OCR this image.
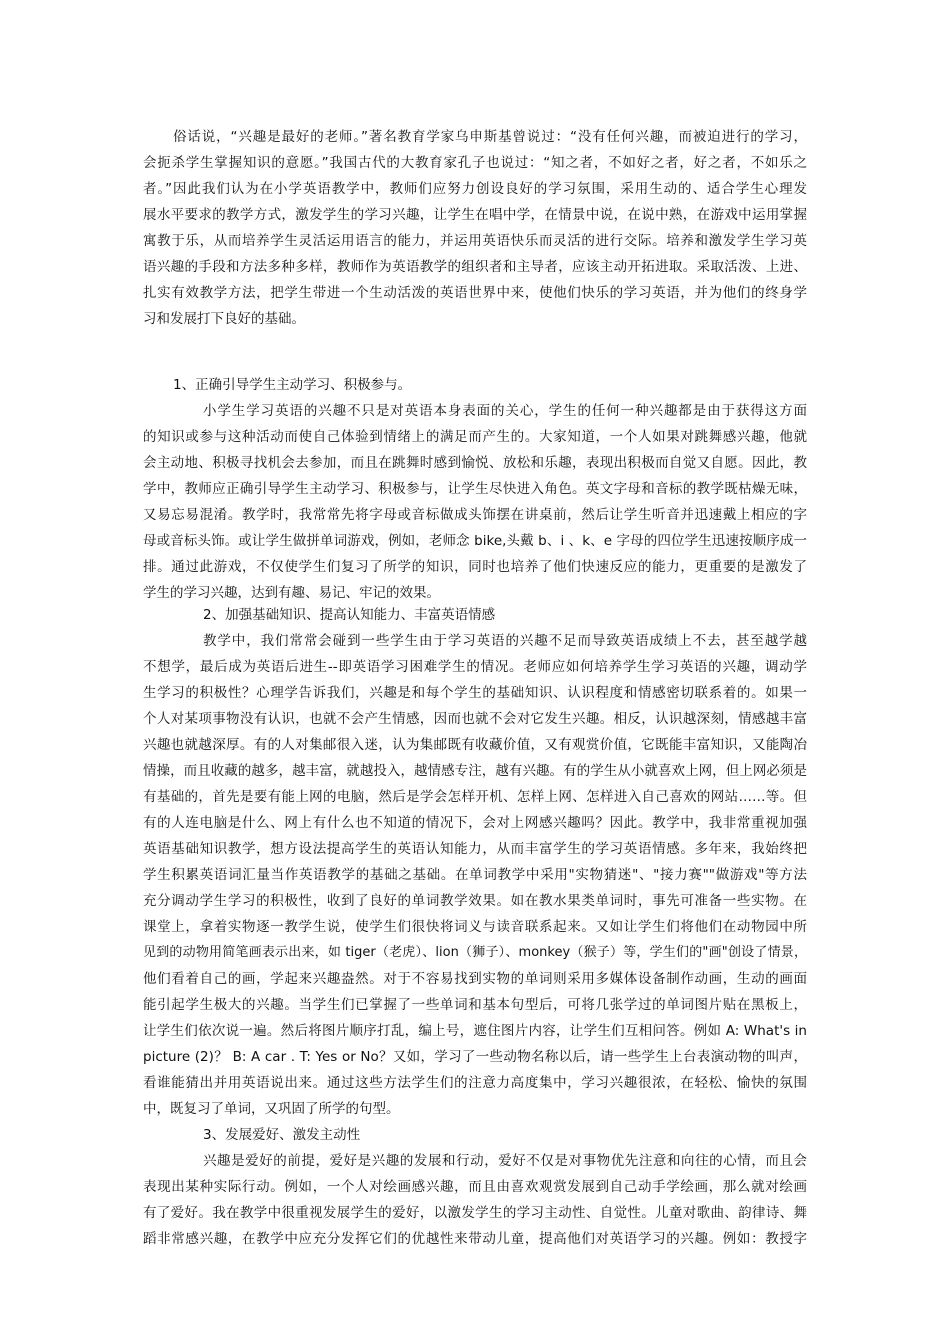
俗话说，“兴趣是最好的老师。”著名教育学家乌申斯基曾说过：“没有任何兴趣，而被迫进行的学习，
会扼杀学生掌握知识的意愿。”我国古代的大教育家孔子也说过：“知之者，不如好之者，好之者，不如乐之
者。”因此我们认为在小学英语教学中，教师们应努力创设良好的学习氛围，采用生动的、适合学生心理发
展水平要求的教学方式，激发学生的学习兴趣，让学生在唱中学，在情景中说，在说中熟，在游戏中运用掌握
寓教于乐，从而培养学生灵活运用语言的能力，并运用英语快乐而灵活的进行交际。培养和激发学生学习英
语兴趣的手段和方法多种多样，教师作为英语教学的组织者和主导者，应该主动开拓进取。采取活泼、上进、
扎实有效教学方法，把学生带进一个生动活泼的英语世界中来，使他们快乐的学习英语，并为他们的终身学
习和发展打下良好的基础。
1、正确引导学生主动学习、积极参与。
小学生学习英语的兴趣不只是对英语本身表面的关心，学生的任何一种兴趣都是由于获得这方面
的知识或参与这种活动而使自己体验到情绪上的满足而产生的。大家知道，一个人如果对跳舞感兴趣，他就
会主动地、积极寻找机会去参加，而且在跳舞时感到愉悦、放松和乐趣，表现出积极而自觉又自愿。因此，教
学中，教师应正确引导学生主动学习、积极参与，让学生尽快进入角色。英文字母和音标的教学既枯燥无味，
又易忘易混淆。教学时，我常常先将字母或音标做成头饰摆在讲桌前，然后让学生听音并迅速戴上相应的字
母或音标头饰。或让学生做拼单词游戏，例如，老师念 bike,头戴 b、i 、k、e 字母的四位学生迅速按顺序成一
排。通过此游戏，不仅使学生们复习了所学的知识，同时也培养了他们快速反应的能力，更重要的是激发了
学生的学习兴趣，达到有趣、易记、牢记的效果。
2、加强基础知识、提高认知能力、丰富英语情感
教学中，我们常常会碰到一些学生由于学习英语的兴趣不足而导致英语成绩上不去，甚至越学越
不想学，最后成为英语后进生--即英语学习困难学生的情况。老师应如何培养学生学习英语的兴趣，调动学
生学习的积极性？心理学告诉我们，兴趣是和每个学生的基础知识、认识程度和情感密切联系着的。如果一
个人对某项事物没有认识，也就不会产生情感，因而也就不会对它发生兴趣。相反，认识越深刻，情感越丰富
兴趣也就越深厚。有的人对集邮很入迷，认为集邮既有收藏价值，又有观赏价值，它既能丰富知识，又能陶冶
情操，而且收藏的越多，越丰富，就越投入，越情感专注，越有兴趣。有的学生从小就喜欢上网，但上网必须是
有基础的，首先是要有能上网的电脑，然后是学会怎样开机、怎样上网、怎样进入自己喜欢的网站……等。但
有的人连电脑是什么、网上有什么也不知道的情况下，会对上网感兴趣吗？因此。教学中，我非常重视加强
英语基础知识教学，想方设法提高学生的英语认知能力，从而丰富学生的学习英语情感。多年来，我始终把
学生积累英语词汇量当作英语教学的基础之基础。在单词教学中采用"实物猜迷"、"接力赛""做游戏"等方法
充分调动学生学习的积极性，收到了良好的单词教学效果。如在教水果类单词时，事先可准备一些实物。在
课堂上，拿着实物逐一教学生说，使学生们很快将词义与读音联系起来。又如让学生们将他们在动物园中所
见到的动物用简笔画表示出来，如 tiger（老虎）、lion（狮子）、monkey（猴子）等，学生们的"画"创设了情景，
他们看着自己的画，学起来兴趣盎然。对于不容易找到实物的单词则采用多媒体设备制作动画，生动的画面
能引起学生极大的兴趣。当学生们已掌握了一些单词和基本句型后，可将几张学过的单词图片贴在黑板上，
让学生们依次说一遍。然后将图片顺序打乱，编上号，遮住图片内容，让学生们互相问答。例如 A: What's in
picture (2)？ B: A car . T: Yes or No？又如，学习了一些动物名称以后，请一些学生上台表演动物的叫声，
看谁能猜出并用英语说出来。通过这些方法学生们的注意力高度集中，学习兴趣很浓，在轻松、愉快的氛围
中，既复习了单词，又巩固了所学的句型。
3、发展爱好、激发主动性
兴趣是爱好的前提，爱好是兴趣的发展和行动，爱好不仅是对事物优先注意和向往的心情，而且会
表现出某种实际行动。例如，一个人对绘画感兴趣，而且由喜欢观赏发展到自己动手学绘画，那么就对绘画
有了爱好。我在教学中很重视发展学生的爱好，以激发学生的学习主动性、自觉性。儿童对歌曲、韵律诗、舞
蹈非常感兴趣，在教学中应充分发挥它们的优越性来带动儿童，提高他们对英语学习的兴趣。例如：教授字
